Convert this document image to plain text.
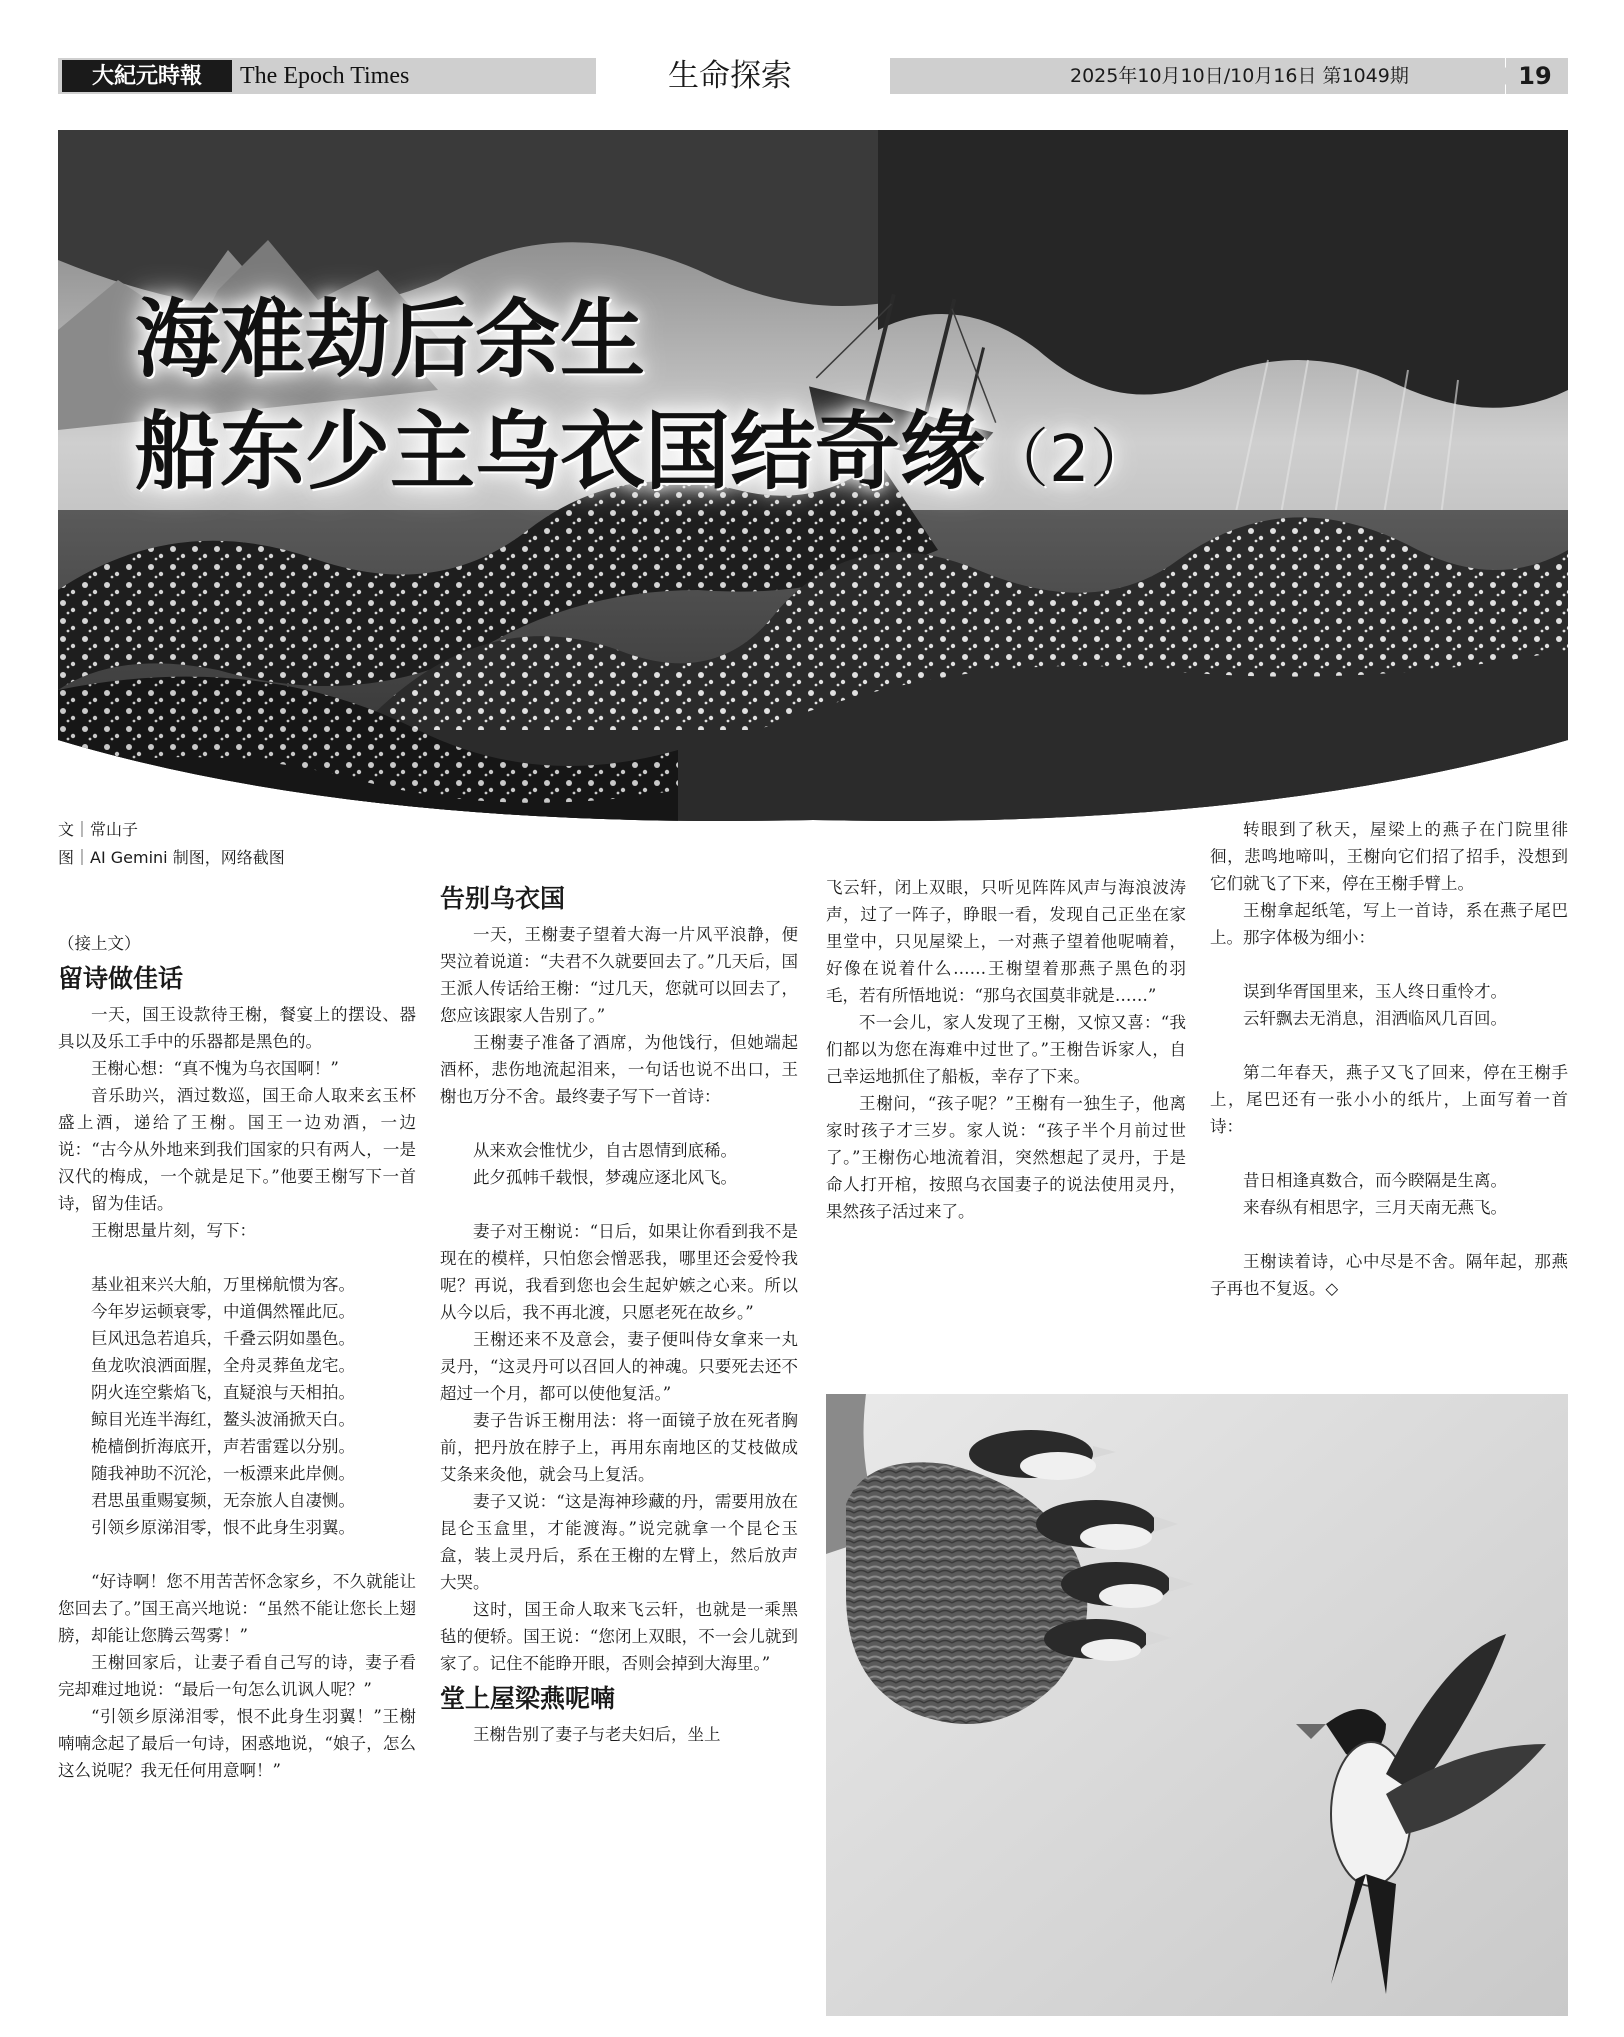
大紀元時報	The Epoch Times	生命探索	2025年10月10日/10月16日 第1049期	19
海难劫后余生
船东少主乌衣国结奇缘（2）
文｜常山子
图｜AI Gemini 制图，网络截图

（接上文）

留诗做佳话

一天，国王设款待王榭，餐宴上的摆设、器具以及乐工手中的乐器都是黑色的。

王榭心想：“真不愧为乌衣国啊！”

音乐助兴，酒过数巡，国王命人取来玄玉杯盛上酒，递给了王榭。国王一边劝酒，一边说：“古今从外地来到我们国家的只有两人，一是汉代的梅成，一个就是足下。”他要王榭写下一首诗，留为佳话。

王榭思量片刻，写下：

基业祖来兴大舶，万里梯航惯为客。

今年岁运顿衰零，中道偶然罹此厄。

巨风迅急若追兵，千叠云阴如墨色。

鱼龙吹浪洒面腥，全舟灵葬鱼龙宅。

阴火连空紫焰飞，直疑浪与天相拍。

鲸目光连半海红，鳌头波涌掀天白。

桅樯倒折海底开，声若雷霆以分别。

随我神助不沉沦，一板漂来此岸侧。

君思虽重赐宴频，无奈旅人自凄恻。

引领乡原涕泪零，恨不此身生羽翼。

“好诗啊！您不用苦苦怀念家乡，不久就能让您回去了。”国王高兴地说：“虽然不能让您长上翅膀，却能让您腾云驾雾！”

王榭回家后，让妻子看自己写的诗，妻子看完却难过地说：“最后一句怎么讥讽人呢？”

“引领乡原涕泪零，恨不此身生羽翼！”王榭喃喃念起了最后一句诗，困惑地说，“娘子，怎么这么说呢？我无任何用意啊！”

告别乌衣国

一天，王榭妻子望着大海一片风平浪静，便哭泣着说道：“夫君不久就要回去了。”几天后，国王派人传话给王榭：“过几天，您就可以回去了，您应该跟家人告别了。”

王榭妻子准备了酒席，为他饯行，但她端起酒杯，悲伤地流起泪来，一句话也说不出口，王榭也万分不舍。最终妻子写下一首诗：

从来欢会惟忧少，自古恩情到底稀。

此夕孤帏千载恨，梦魂应逐北风飞。

妻子对王榭说：“日后，如果让你看到我不是现在的模样，只怕您会憎恶我，哪里还会爱怜我呢？再说，我看到您也会生起妒嫉之心来。所以从今以后，我不再北渡，只愿老死在故乡。”

王榭还来不及意会，妻子便叫侍女拿来一丸灵丹，“这灵丹可以召回人的神魂。只要死去还不超过一个月，都可以使他复活。”

妻子告诉王榭用法：将一面镜子放在死者胸前，把丹放在脖子上，再用东南地区的艾枝做成艾条来灸他，就会马上复活。

妻子又说：“这是海神珍藏的丹，需要用放在昆仑玉盒里，才能渡海。”说完就拿一个昆仑玉盒，装上灵丹后，系在王榭的左臂上，然后放声大哭。

这时，国王命人取来飞云轩，也就是一乘黑毡的便轿。国王说：“您闭上双眼，不一会儿就到家了。记住不能睁开眼，否则会掉到大海里。”

堂上屋梁燕呢喃

王榭告别了妻子与老夫妇后，坐上

飞云轩，闭上双眼，只听见阵阵风声与海浪波涛声，过了一阵子，睁眼一看，发现自己正坐在家里堂中，只见屋梁上，一对燕子望着他呢喃着，好像在说着什么……王榭望着那燕子黑色的羽毛，若有所悟地说：“那乌衣国莫非就是……”

不一会儿，家人发现了王榭，又惊又喜：“我们都以为您在海难中过世了。”王榭告诉家人，自己幸运地抓住了船板，幸存了下来。

王榭问，“孩子呢？”王榭有一独生子，他离家时孩子才三岁。家人说：“孩子半个月前过世了。”王榭伤心地流着泪，突然想起了灵丹，于是命人打开棺，按照乌衣国妻子的说法使用灵丹，果然孩子活过来了。

转眼到了秋天，屋梁上的燕子在门院里徘徊，悲鸣地啼叫，王榭向它们招了招手，没想到它们就飞了下来，停在王榭手臂上。

王榭拿起纸笔，写上一首诗，系在燕子尾巴上。那字体极为细小：

误到华胥国里来，玉人终日重怜才。

云轩飘去无消息，泪洒临风几百回。

第二年春天，燕子又飞了回来，停在王榭手上，尾巴还有一张小小的纸片，上面写着一首诗：

昔日相逢真数合，而今睽隔是生离。

来春纵有相思字，三月天南无燕飞。

王榭读着诗，心中尽是不舍。隔年起，那燕子再也不复返。◇
